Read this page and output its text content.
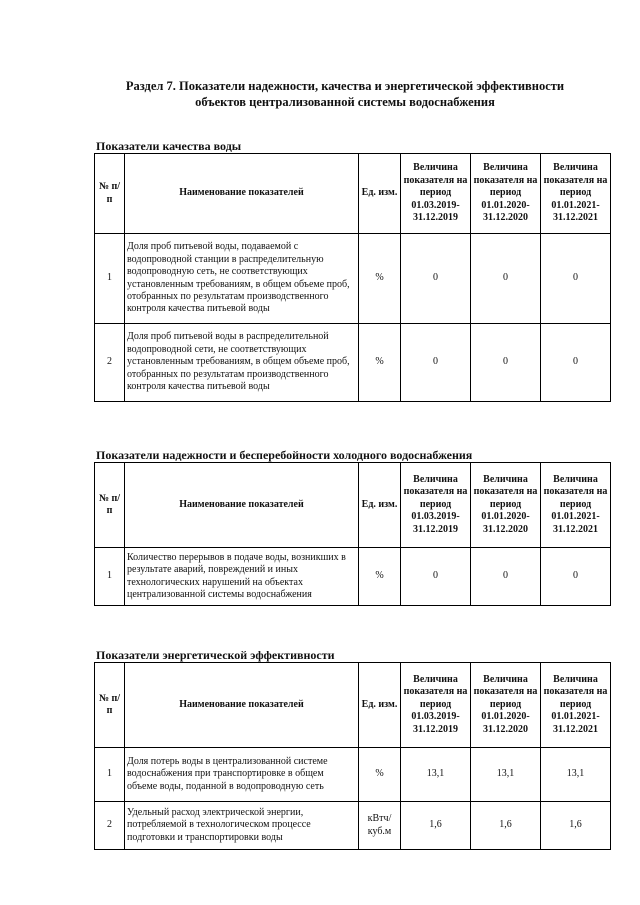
Раздел 7. Показатели надежности, качества и энергетической эффективности
объектов централизованной системы водоснабжения
Показатели качества воды
№ п/п	Наименование показателей	Ед. изм.	Величина показателя на период 01.03.2019-31.12.2019	Величина показателя на период 01.01.2020-31.12.2020	Величина показателя на период 01.01.2021-31.12.2021
1	Доля проб питьевой воды, подаваемой с водопроводной станции в распределительную водопроводную сеть, не соответствующих установленным требованиям, в общем объеме проб, отобранных по результатам производственного контроля качества питьевой воды	%	0	0	0
2	Доля проб питьевой воды в распределительной водопроводной сети, не соответствующих установленным требованиям, в общем объеме проб, отобранных по результатам производственного контроля качества питьевой воды	%	0	0	0
Показатели надежности и бесперебойности холодного водоснабжения
№ п/п	Наименование показателей	Ед. изм.	Величина показателя на период 01.03.2019-31.12.2019	Величина показателя на период 01.01.2020-31.12.2020	Величина показателя на период 01.01.2021-31.12.2021
1	Количество перерывов в подаче воды, возникших в результате аварий, повреждений и иных технологических нарушений на объектах централизованной системы водоснабжения	%	0	0	0
Показатели энергетической эффективности
№ п/п	Наименование показателей	Ед. изм.	Величина показателя на период 01.03.2019-31.12.2019	Величина показателя на период 01.01.2020-31.12.2020	Величина показателя на период 01.01.2021-31.12.2021
1	Доля потерь воды в централизованной системе водоснабжения при транспортировке в общем объеме воды, поданной в водопроводную сеть	%	13,1	13,1	13,1
2	Удельный расход электрической энергии, потребляемой в технологическом процессе подготовки и транспортировки воды	кВтч/ куб.м	1,6	1,6	1,6
